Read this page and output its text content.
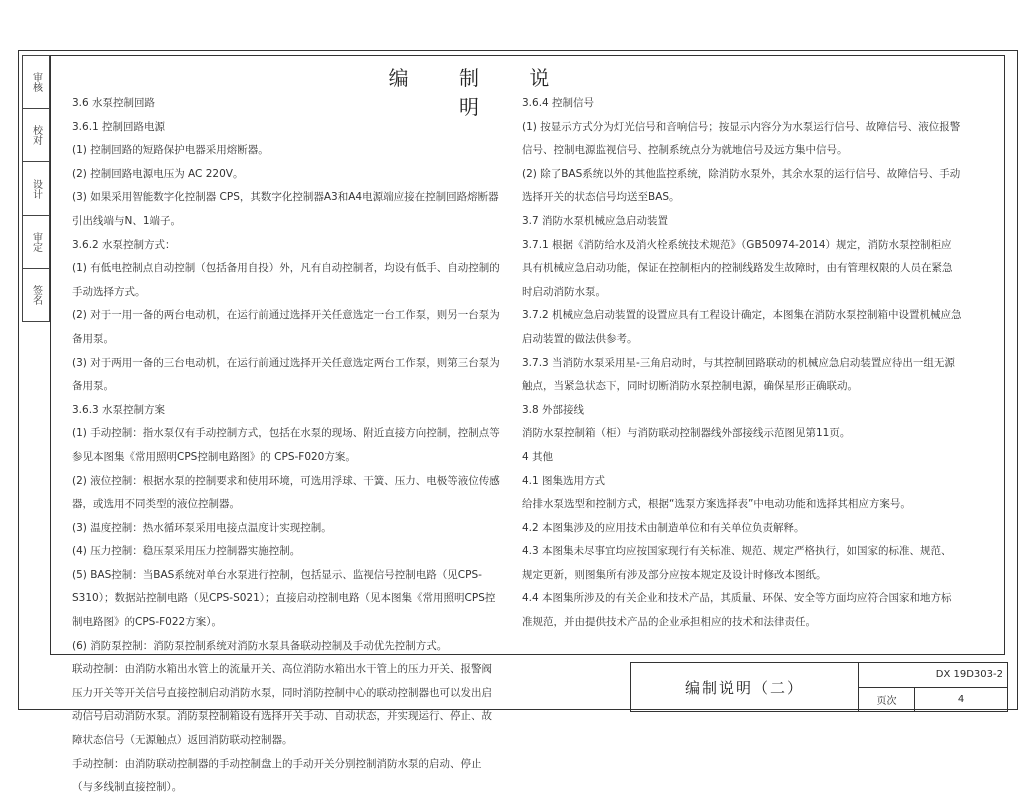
审核
校对
设计
审定
签名
编 制 说 明

3.6 水泵控制回路

3.6.1 控制回路电源

(1) 控制回路的短路保护电器采用熔断器。

(2) 控制回路电源电压为 AC 220V。

(3) 如果采用智能数字化控制器 CPS，其数字化控制器A3和A4电源端应接在控制回路熔断器引出线端与N、1端子。

3.6.2 水泵控制方式：

(1) 有低电控制点自动控制（包括备用自投）外，凡有自动控制者，均设有低手、自动控制的手动选择方式。

(2) 对于一用一备的两台电动机，在运行前通过选择开关任意选定一台工作泵，则另一台泵为备用泵。

(3) 对于两用一备的三台电动机，在运行前通过选择开关任意选定两台工作泵，则第三台泵为备用泵。

3.6.3 水泵控制方案

(1) 手动控制：指水泵仅有手动控制方式，包括在水泵的现场、附近直接方向控制，控制点等参见本图集《常用照明CPS控制电路图》的 CPS-F020方案。

(2) 液位控制：根据水泵的控制要求和使用环境，可选用浮球、干簧、压力、电极等液位传感器，或选用不同类型的液位控制器。

(3) 温度控制：热水循环泵采用电接点温度计实现控制。

(4) 压力控制：稳压泵采用压力控制器实施控制。

(5) BAS控制：当BAS系统对单台水泵进行控制，包括显示、监视信号控制电路（见CPS-S310）；数据站控制电路（见CPS-S021）；直接启动控制电路（见本图集《常用照明CPS控制电路图》的CPS-F022方案）。

(6) 消防泵控制：消防泵控制系统对消防水泵具备联动控制及手动优先控制方式。

联动控制：由消防水箱出水管上的流量开关、高位消防水箱出水干管上的压力开关、报警阀压力开关等开关信号直接控制启动消防水泵，同时消防控制中心的联动控制器也可以发出启动信号启动消防水泵。消防泵控制箱设有选择开关手动、自动状态，并实现运行、停止、故障状态信号（无源触点）返回消防联动控制器。

手动控制：由消防联动控制器的手动控制盘上的手动开关分别控制消防水泵的启动、停止（与多线制直接控制）。

3.6.4 控制信号

(1) 按显示方式分为灯光信号和音响信号；按显示内容分为水泵运行信号、故障信号、液位报警信号、控制电源监视信号、控制系统点分为就地信号及远方集中信号。

(2) 除了BAS系统以外的其他监控系统，除消防水泵外，其余水泵的运行信号、故障信号、手动选择开关的状态信号均送至BAS。

3.7 消防水泵机械应急启动装置

3.7.1 根据《消防给水及消火栓系统技术规范》（GB50974-2014）规定，消防水泵控制柜应具有机械应急启动功能，保证在控制柜内的控制线路发生故障时，由有管理权限的人员在紧急时启动消防水泵。

3.7.2 机械应急启动装置的设置应具有工程设计确定，本图集在消防水泵控制箱中设置机械应急启动装置的做法供参考。

3.7.3 当消防水泵采用星-三角启动时，与其控制回路联动的机械应急启动装置应待出一组无源触点，当紧急状态下，同时切断消防水泵控制电源，确保星形正确联动。

3.8 外部接线

消防水泵控制箱（柜）与消防联动控制器线外部接线示范图见第11页。

4 其他

4.1 图集选用方式

给排水泵选型和控制方式，根据“选泵方案选择表”中电动功能和选择其相应方案号。

4.2 本图集涉及的应用技术由制造单位和有关单位负责解释。

4.3 本图集未尽事宜均应按国家现行有关标准、规范、规定严格执行，如国家的标准、规范、规定更新，则图集所有涉及部分应按本规定及设计时修改本图纸。

4.4 本图集所涉及的有关企业和技术产品，其质量、环保、安全等方面均应符合国家和地方标准规范，并由提供技术产品的企业承担相应的技术和法律责任。

编制说明（二）
DX 19D303-2
页次	4
